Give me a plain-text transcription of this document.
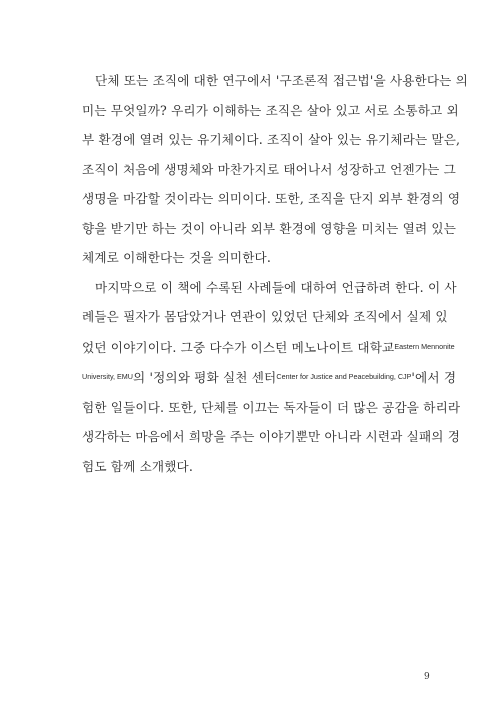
단체 또는 조직에 대한 연구에서 '구조론적 접근법'을 사용한다는 의
미는 무엇일까? 우리가 이해하는 조직은 살아 있고 서로 소통하고 외
부 환경에 열려 있는 유기체이다. 조직이 살아 있는 유기체라는 말은,
조직이 처음에 생명체와 마찬가지로 태어나서 성장하고 언젠가는 그
생명을 마감할 것이라는 의미이다. 또한, 조직을 단지 외부 환경의 영
향을 받기만 하는 것이 아니라 외부 환경에 영향을 미치는 열려 있는
체계로 이해한다는 것을 의미한다.

마지막으로 이 책에 수록된 사례들에 대하여 언급하려 한다. 이 사
례들은 필자가 몸담았거나 연관이 있었던 단체와 조직에서 실제 있
었던 이야기이다. 그중 다수가 이스턴 메노나이트 대학교$^{Eastern Mennonite}$
$^{University, EMU}$의 '정의와 평화 실천 센터$^{Center for Justice and Peacebuilding, CJP}$'에서 경
험한 일들이다. 또한, 단체를 이끄는 독자들이 더 많은 공감을 하리라
생각하는 마음에서 희망을 주는 이야기뿐만 아니라 시련과 실패의 경
험도 함께 소개했다.

9
